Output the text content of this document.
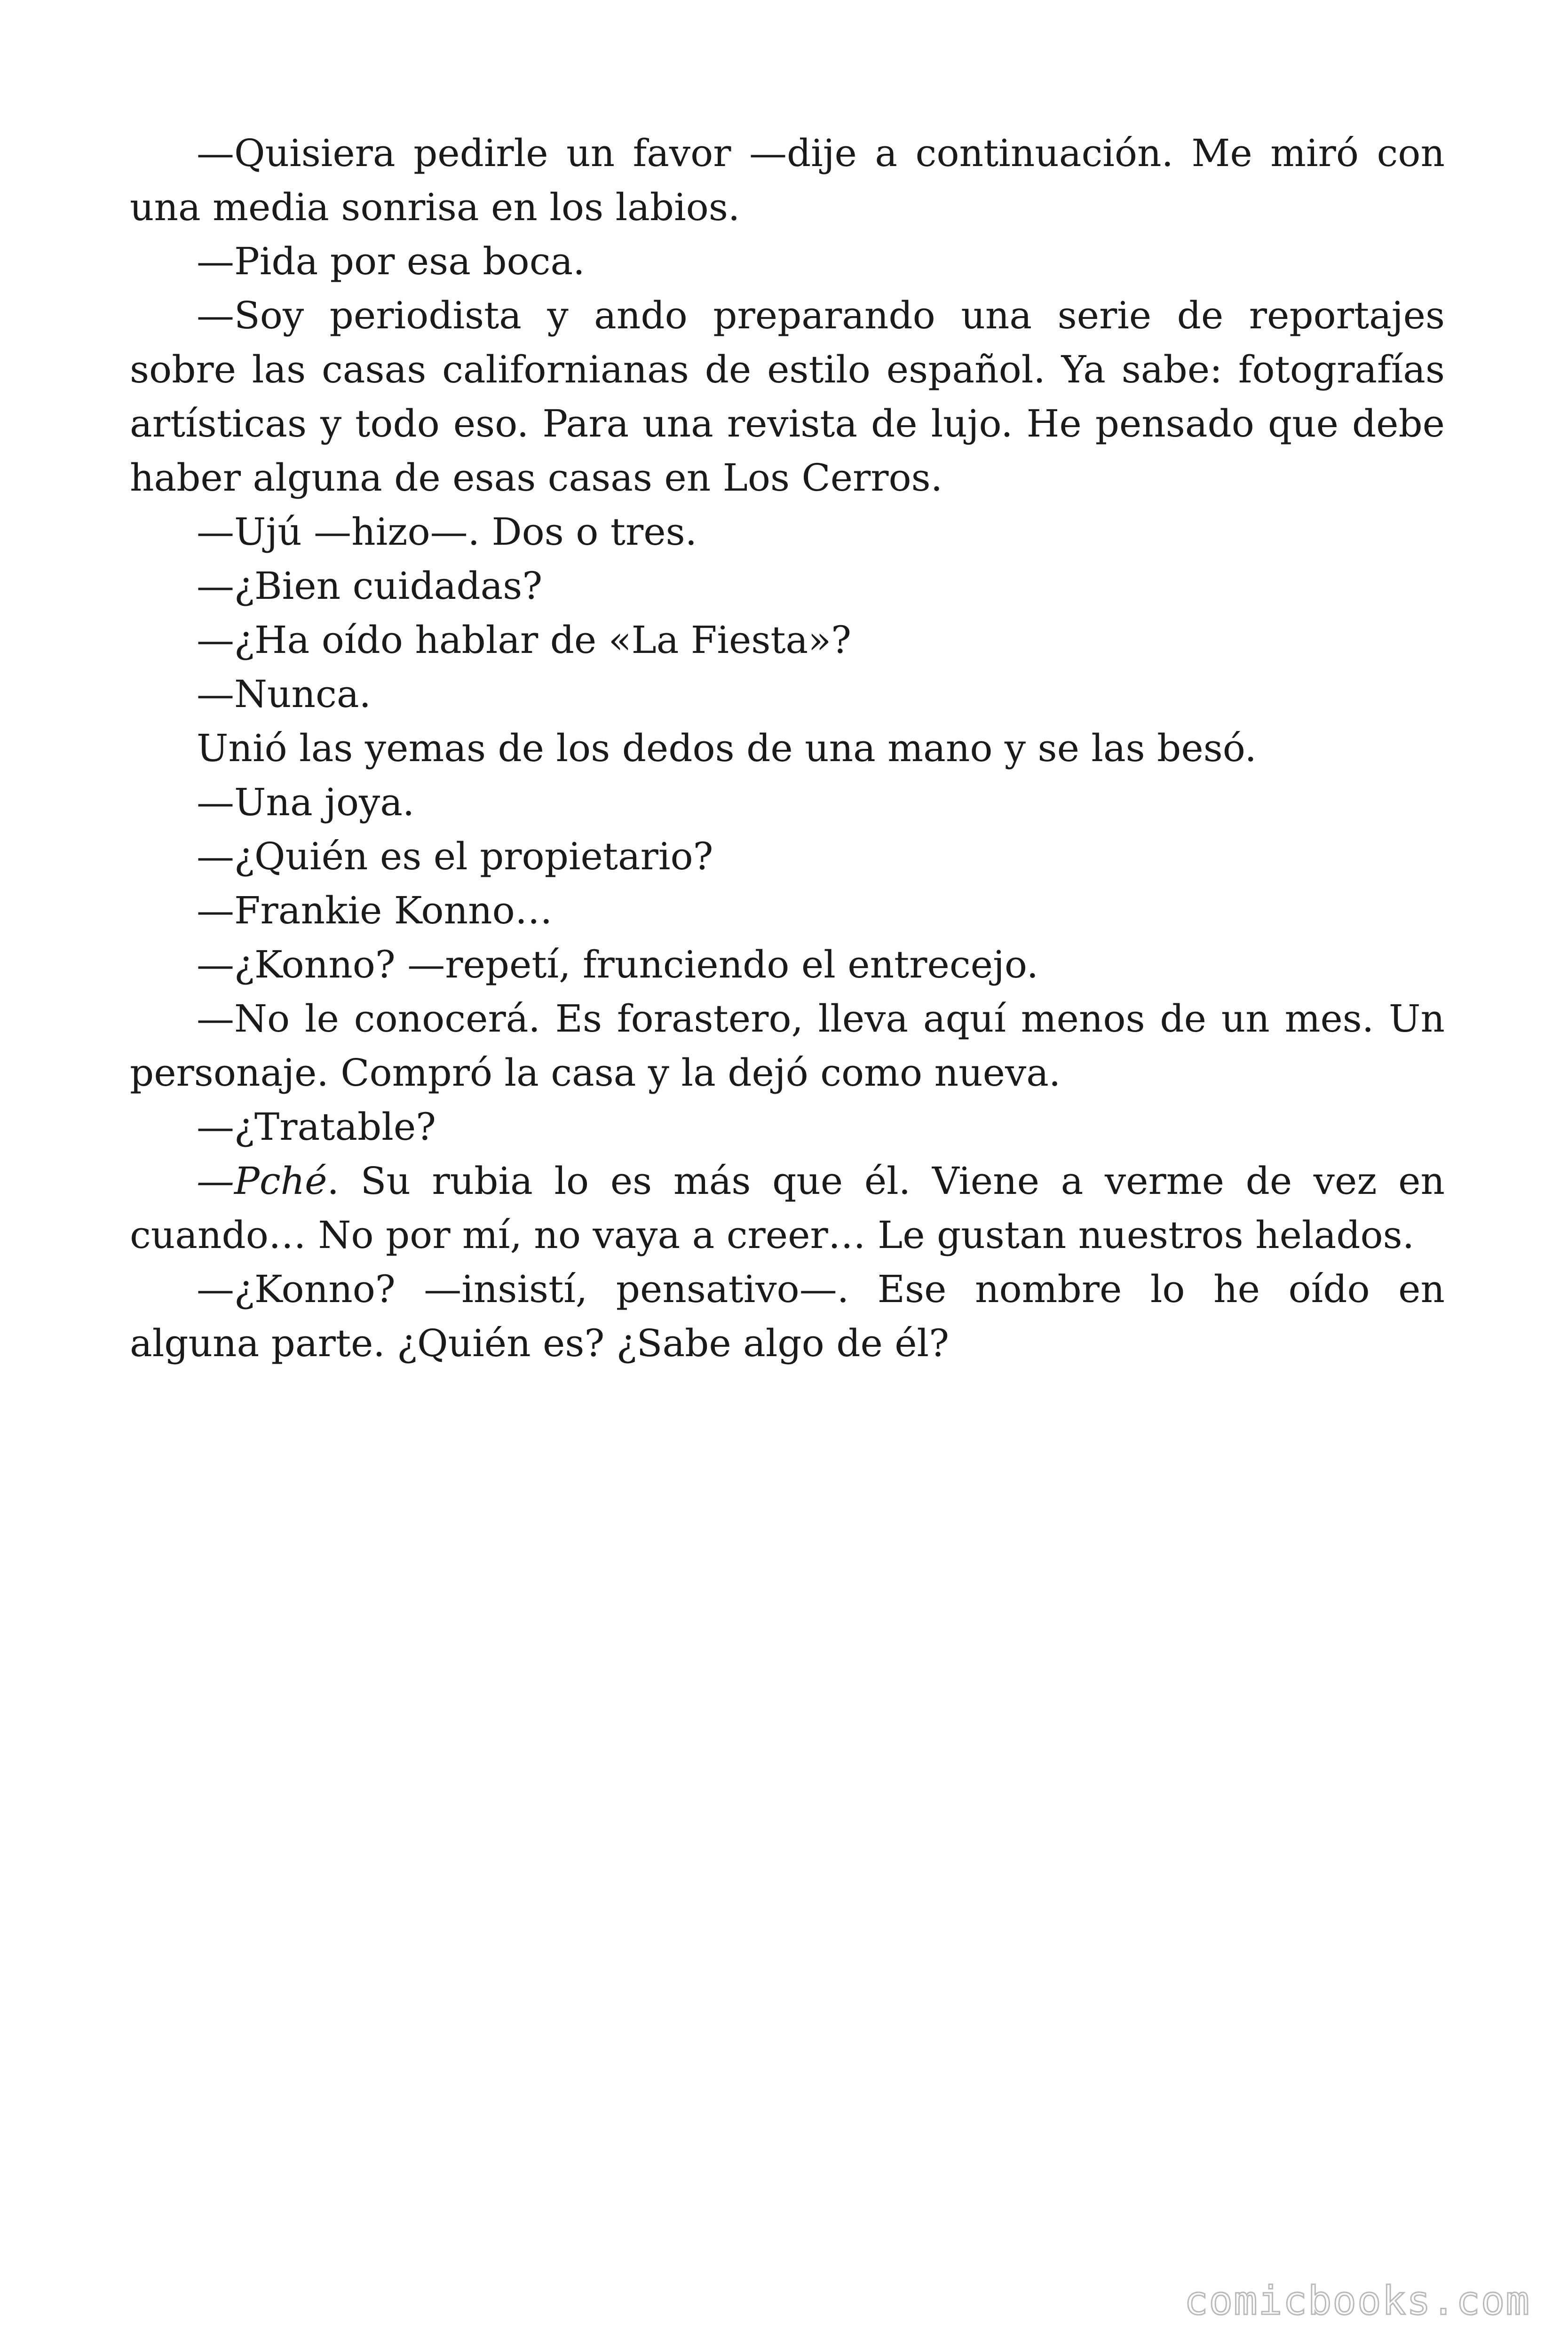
—Quisiera pedirle un favor —dije a continuación. Me miró con una media sonrisa en los labios.

—Pida por esa boca.

—Soy periodista y ando preparando una serie de reportajes sobre las casas californianas de estilo español. Ya sabe: fotografías artísticas y todo eso. Para una revista de lujo. He pensado que debe haber alguna de esas casas en Los Cerros.

—Ujú —hizo—. Dos o tres.

—¿Bien cuidadas?

—¿Ha oído hablar de «La Fiesta»?

—Nunca.

Unió las yemas de los dedos de una mano y se las besó.

—Una joya.

—¿Quién es el propietario?

—Frankie Konno…

—¿Konno? —repetí, frunciendo el entrecejo.

—No le conocerá. Es forastero, lleva aquí menos de un mes. Un personaje. Compró la casa y la dejó como nueva.

—¿Tratable?

—Pché. Su rubia lo es más que él. Viene a verme de vez en cuando… No por mí, no vaya a creer… Le gustan nuestros helados.

—¿Konno? —insistí, pensativo—. Ese nombre lo he oído en alguna parte. ¿Quién es? ¿Sabe algo de él?

comicbooks.com
